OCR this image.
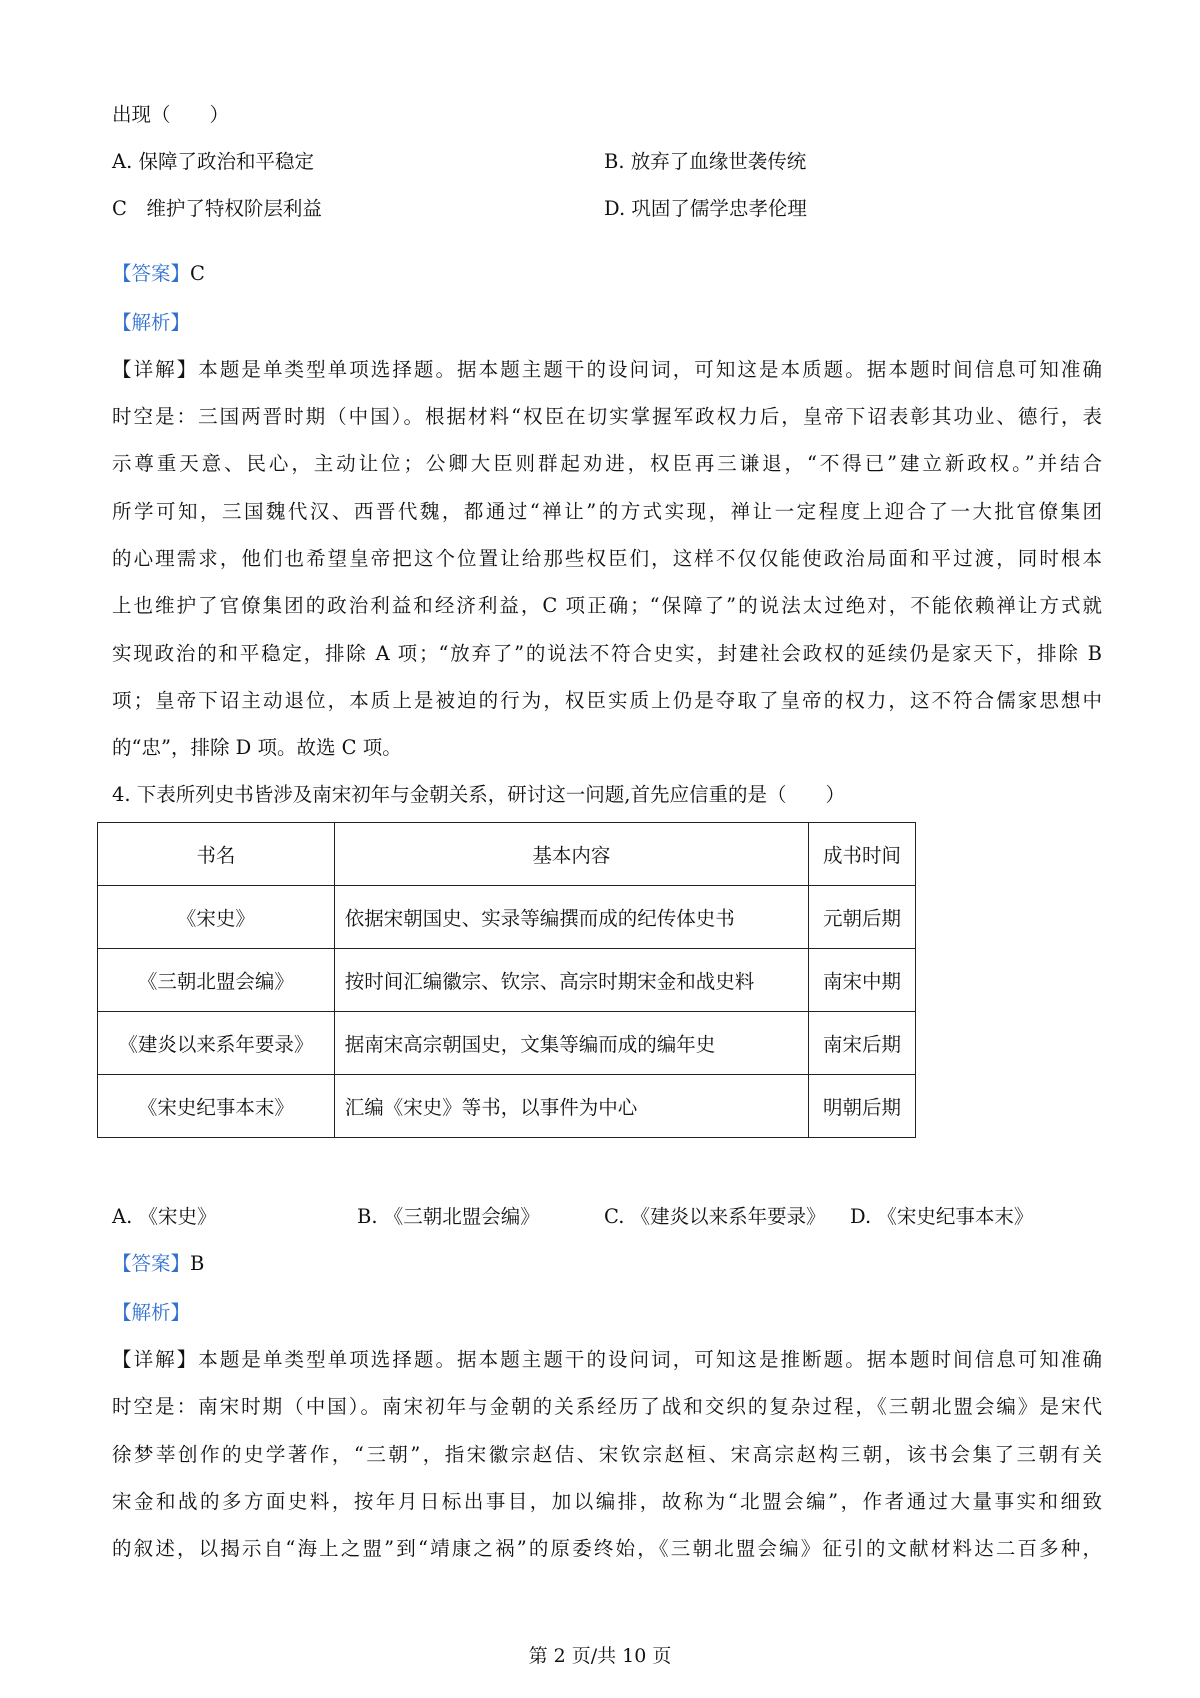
出现（　　）
A. 保障了政治和平稳定	B. 放弃了血缘世袭传统
C　维护了特权阶层利益	D. 巩固了儒学忠孝伦理
【答案】C
【解析】
【详解】本题是单类型单项选择题。据本题主题干的设问词，可知这是本质题。据本题时间信息可知准确
时空是：三国两晋时期（中国）。根据材料“权臣在切实掌握军政权力后，皇帝下诏表彰其功业、德行，表
示尊重天意、民心，主动让位；公卿大臣则群起劝进，权臣再三谦退，“不得已”建立新政权。”并结合
所学可知，三国魏代汉、西晋代魏，都通过“禅让”的方式实现，禅让一定程度上迎合了一大批官僚集团
的心理需求，他们也希望皇帝把这个位置让给那些权臣们，这样不仅仅能使政治局面和平过渡，同时根本
上也维护了官僚集团的政治利益和经济利益，C 项正确；“保障了”的说法太过绝对，不能依赖禅让方式就
实现政治的和平稳定，排除 A 项；“放弃了”的说法不符合史实，封建社会政权的延续仍是家天下，排除 B
项；皇帝下诏主动退位，本质上是被迫的行为，权臣实质上仍是夺取了皇帝的权力，这不符合儒家思想中
的“忠”，排除 D 项。故选 C 项。
4. 下表所列史书皆涉及南宋初年与金朝关系，研讨这一问题,首先应信重的是（　　）
书名	基本内容	成书时间
《宋史》	依据宋朝国史、实录等编撰而成的纪传体史书	元朝后期
《三朝北盟会编》	按时间汇编徽宗、钦宗、高宗时期宋金和战史料	南宋中期
《建炎以来系年要录》	据南宋高宗朝国史，文集等编而成的编年史	南宋后期
《宋史纪事本末》	汇编《宋史》等书，以事件为中心	明朝后期
A. 《宋史》	B. 《三朝北盟会编》	C. 《建炎以来系年要录》 D. 《宋史纪事本末》
【答案】B
【解析】
【详解】本题是单类型单项选择题。据本题主题干的设问词，可知这是推断题。据本题时间信息可知准确
时空是：南宋时期（中国）。南宋初年与金朝的关系经历了战和交织的复杂过程，《三朝北盟会编》是宋代
徐梦莘创作的史学著作，“三朝”，指宋徽宗赵佶、宋钦宗赵桓、宋高宗赵构三朝，该书会集了三朝有关
宋金和战的多方面史料，按年月日标出事目，加以编排，故称为“北盟会编”，作者通过大量事实和细致
的叙述，以揭示自“海上之盟”到“靖康之祸”的原委终始，《三朝北盟会编》征引的文献材料达二百多种，
第 2 页/共 10 页
